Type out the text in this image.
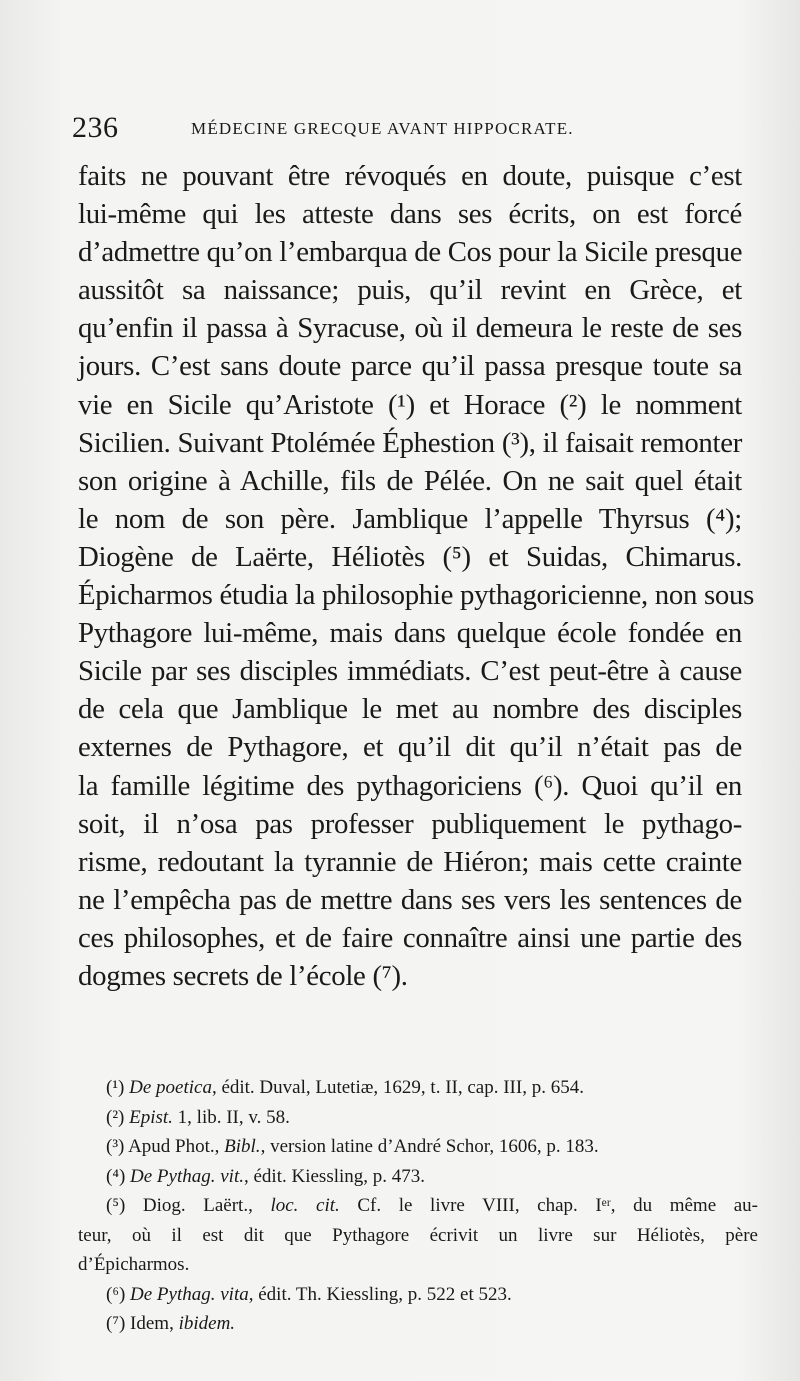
236	MÉDECINE GRECQUE AVANT HIPPOCRATE.
faits ne pouvant être révoqués en doute, puisque c’est
lui-même qui les atteste dans ses écrits, on est forcé
d’admettre qu’on l’embarqua de Cos pour la Sicile presque
aussitôt sa naissance; puis, qu’il revint en Grèce, et
qu’enfin il passa à Syracuse, où il demeura le reste de ses
jours. C’est sans doute parce qu’il passa presque toute sa
vie en Sicile qu’Aristote (¹) et Horace (²) le nomment
Sicilien. Suivant Ptolémée Éphestion (³), il faisait remonter
son origine à Achille, fils de Pélée. On ne sait quel était
le nom de son père. Jamblique l’appelle Thyrsus (⁴);
Diogène de Laërte, Héliotès (⁵) et Suidas, Chimarus.
Épicharmos étudia la philosophie pythagoricienne, non sous
Pythagore lui-même, mais dans quelque école fondée en
Sicile par ses disciples immédiats. C’est peut-être à cause
de cela que Jamblique le met au nombre des disciples
externes de Pythagore, et qu’il dit qu’il n’était pas de
la famille légitime des pythagoriciens (⁶). Quoi qu’il en
soit, il n’osa pas professer publiquement le pythago-
risme, redoutant la tyrannie de Hiéron; mais cette crainte
ne l’empêcha pas de mettre dans ses vers les sentences de
ces philosophes, et de faire connaître ainsi une partie des
dogmes secrets de l’école (⁷).
(¹) De poetica, édit. Duval, Lutetiæ, 1629, t. II, cap. III, p. 654.
(²) Epist. 1, lib. II, v. 58.
(³) Apud Phot., Bibl., version latine d’André Schor, 1606, p. 183.
(⁴) De Pythag. vit., édit. Kiessling, p. 473.
(⁵) Diog. Laërt., loc. cit. Cf. le livre VIII, chap. Iᵉʳ, du même au-
teur, où il est dit que Pythagore écrivit un livre sur Héliotès, père
d’Épicharmos.
(⁶) De Pythag. vita, édit. Th. Kiessling, p. 522 et 523.
(⁷) Idem, ibidem.
